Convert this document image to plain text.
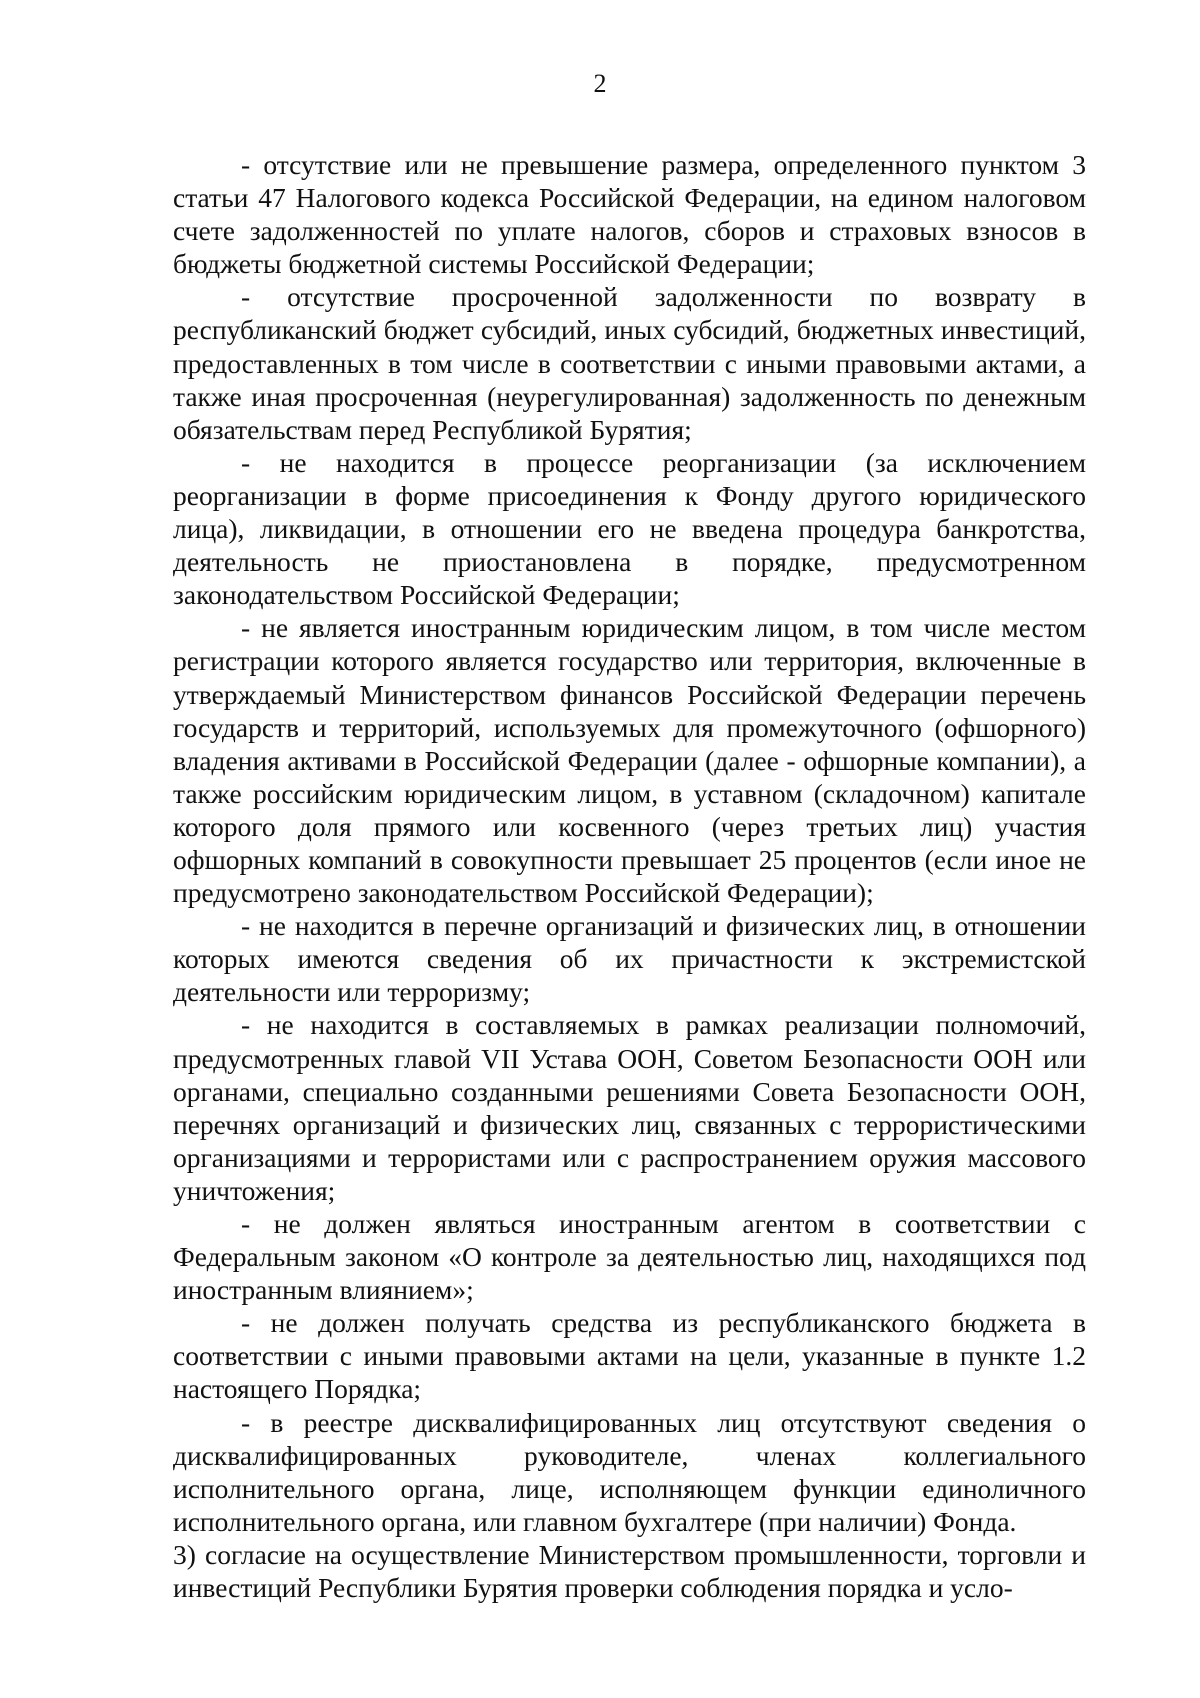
2

- отсутствие или не превышение размера, определенного пунктом 3 статьи 47 Налогового кодекса Российской Федерации, на едином налоговом счете задолженностей по уплате налогов, сборов и страховых взносов в бюджеты бюджетной системы Российской Федерации;

- отсутствие просроченной задолженности по возврату в республиканский бюджет субсидий, иных субсидий, бюджетных инвестиций, предоставленных в том числе в соответствии с иными правовыми актами, а также иная просроченная (неурегулированная) задолженность по денежным обязательствам перед Республикой Бурятия;

- не находится в процессе реорганизации (за исключением реорганизации в форме присоединения к Фонду другого юридического лица), ликвидации, в отношении его не введена процедура банкротства, деятельность не приостановлена в порядке, предусмотренном законодательством Российской Федерации;

- не является иностранным юридическим лицом, в том числе местом регистрации которого является государство или территория, включенные в утверждаемый Министерством финансов Российской Федерации перечень государств и территорий, используемых для промежуточного (офшорного) владения активами в Российской Федерации (далее - офшорные компании), а также российским юридическим лицом, в уставном (складочном) капитале которого доля прямого или косвенного (через третьих лиц) участия офшорных компаний в совокупности превышает 25 процентов (если иное не предусмотрено законодательством Российской Федерации);

- не находится в перечне организаций и физических лиц, в отношении которых имеются сведения об их причастности к экстремистской деятельности или терроризму;

- не находится в составляемых в рамках реализации полномочий, предусмотренных главой VII Устава ООН, Советом Безопасности ООН или органами, специально созданными решениями Совета Безопасности ООН, перечнях организаций и физических лиц, связанных с террористическими организациями и террористами или с распространением оружия массового уничтожения;

- не должен являться иностранным агентом в соответствии с Федеральным законом «О контроле за деятельностью лиц, находящихся под иностранным влиянием»;

- не должен получать средства из республиканского бюджета в соответствии с иными правовыми актами на цели, указанные в пункте 1.2 настоящего Порядка;

- в реестре дисквалифицированных лиц отсутствуют сведения о дисквалифицированных руководителе, членах коллегиального исполнительного органа, лице, исполняющем функции единоличного исполнительного органа, или главном бухгалтере (при наличии) Фонда.

3) согласие на осуществление Министерством промышленности, торговли и инвестиций Республики Бурятия проверки соблюдения порядка и усло-
